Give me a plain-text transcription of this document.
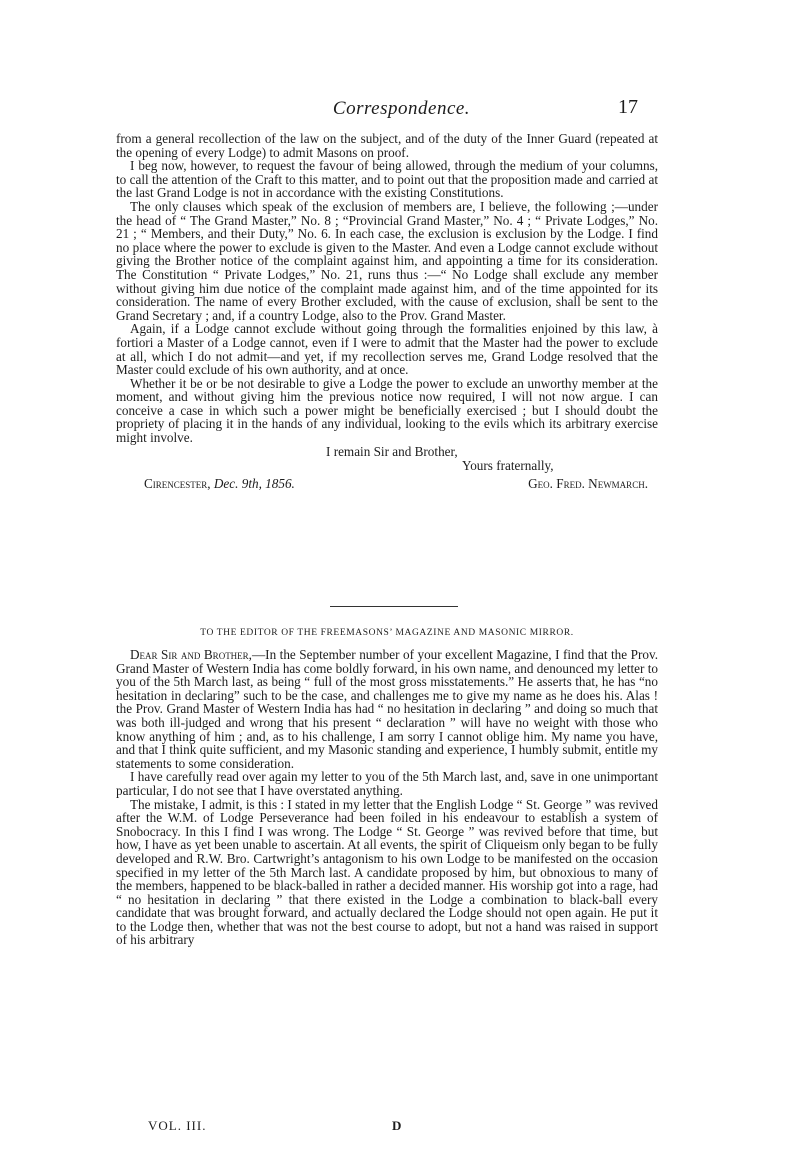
Correspondence.	17

from a general recollection of the law on the subject, and of the duty of the Inner Guard (repeated at the opening of every Lodge) to admit Masons on proof.

I beg now, however, to request the favour of being allowed, through the medium of your columns, to call the attention of the Craft to this matter, and to point out that the proposition made and carried at the last Grand Lodge is not in accordance with the existing Constitutions.

The only clauses which speak of the exclusion of members are, I believe, the following ;—under the head of “ The Grand Master,” No. 8 ; “Provincial Grand Master,” No. 4 ; “ Private Lodges,” No. 21 ; “ Members, and their Duty,” No. 6. In each case, the exclusion is exclusion by the Lodge. I find no place where the power to exclude is given to the Master. And even a Lodge cannot exclude without giving the Brother notice of the complaint against him, and appointing a time for its consideration. The Constitution “ Private Lodges,” No. 21, runs thus :—“ No Lodge shall exclude any member without giving him due notice of the complaint made against him, and of the time appointed for its consideration. The name of every Brother excluded, with the cause of exclusion, shall be sent to the Grand Secretary ; and, if a country Lodge, also to the Prov. Grand Master.

Again, if a Lodge cannot exclude without going through the formalities enjoined by this law, à fortiori a Master of a Lodge cannot, even if I were to admit that the Master had the power to exclude at all, which I do not admit—and yet, if my recollection serves me, Grand Lodge resolved that the Master could exclude of his own authority, and at once.

Whether it be or be not desirable to give a Lodge the power to exclude an unworthy member at the moment, and without giving him the previous notice now required, I will not now argue. I can conceive a case in which such a power might be beneficially exercised ; but I should doubt the propriety of placing it in the hands of any individual, looking to the evils which its arbitrary exercise might involve.

I remain Sir and Brother,
Yours fraternally,
Cirencester, Dec. 9th, 1856.	Geo. Fred. Newmarch.
TO THE EDITOR OF THE FREEMASONS’ MAGAZINE AND MASONIC MIRROR.

Dear Sir and Brother,—In the September number of your excellent Magazine, I find that the Prov. Grand Master of Western India has come boldly forward, in his own name, and denounced my letter to you of the 5th March last, as being “ full of the most gross misstatements.” He asserts that, he has “no hesitation in declaring” such to be the case, and challenges me to give my name as he does his. Alas ! the Prov. Grand Master of Western India has had “ no hesitation in declaring ” and doing so much that was both ill-judged and wrong that his present “ declaration ” will have no weight with those who know anything of him ; and, as to his challenge, I am sorry I cannot oblige him. My name you have, and that I think quite sufficient, and my Masonic standing and experience, I humbly submit, entitle my statements to some consideration.

I have carefully read over again my letter to you of the 5th March last, and, save in one unimportant particular, I do not see that I have overstated anything.

The mistake, I admit, is this : I stated in my letter that the English Lodge “ St. George ” was revived after the W.M. of Lodge Perseverance had been foiled in his endeavour to establish a system of Snobocracy. In this I find I was wrong. The Lodge “ St. George ” was revived before that time, but how, I have as yet been unable to ascertain. At all events, the spirit of Cliqueism only began to be fully developed and R.W. Bro. Cartwright’s antagonism to his own Lodge to be manifested on the occasion specified in my letter of the 5th March last. A candidate proposed by him, but obnoxious to many of the members, happened to be black-balled in rather a decided manner. His worship got into a rage, had “ no hesitation in declaring ” that there existed in the Lodge a combination to black-ball every candidate that was brought forward, and actually declared the Lodge should not open again. He put it to the Lodge then, whether that was not the best course to adopt, but not a hand was raised in support of his arbitrary

VOL. III.	D
